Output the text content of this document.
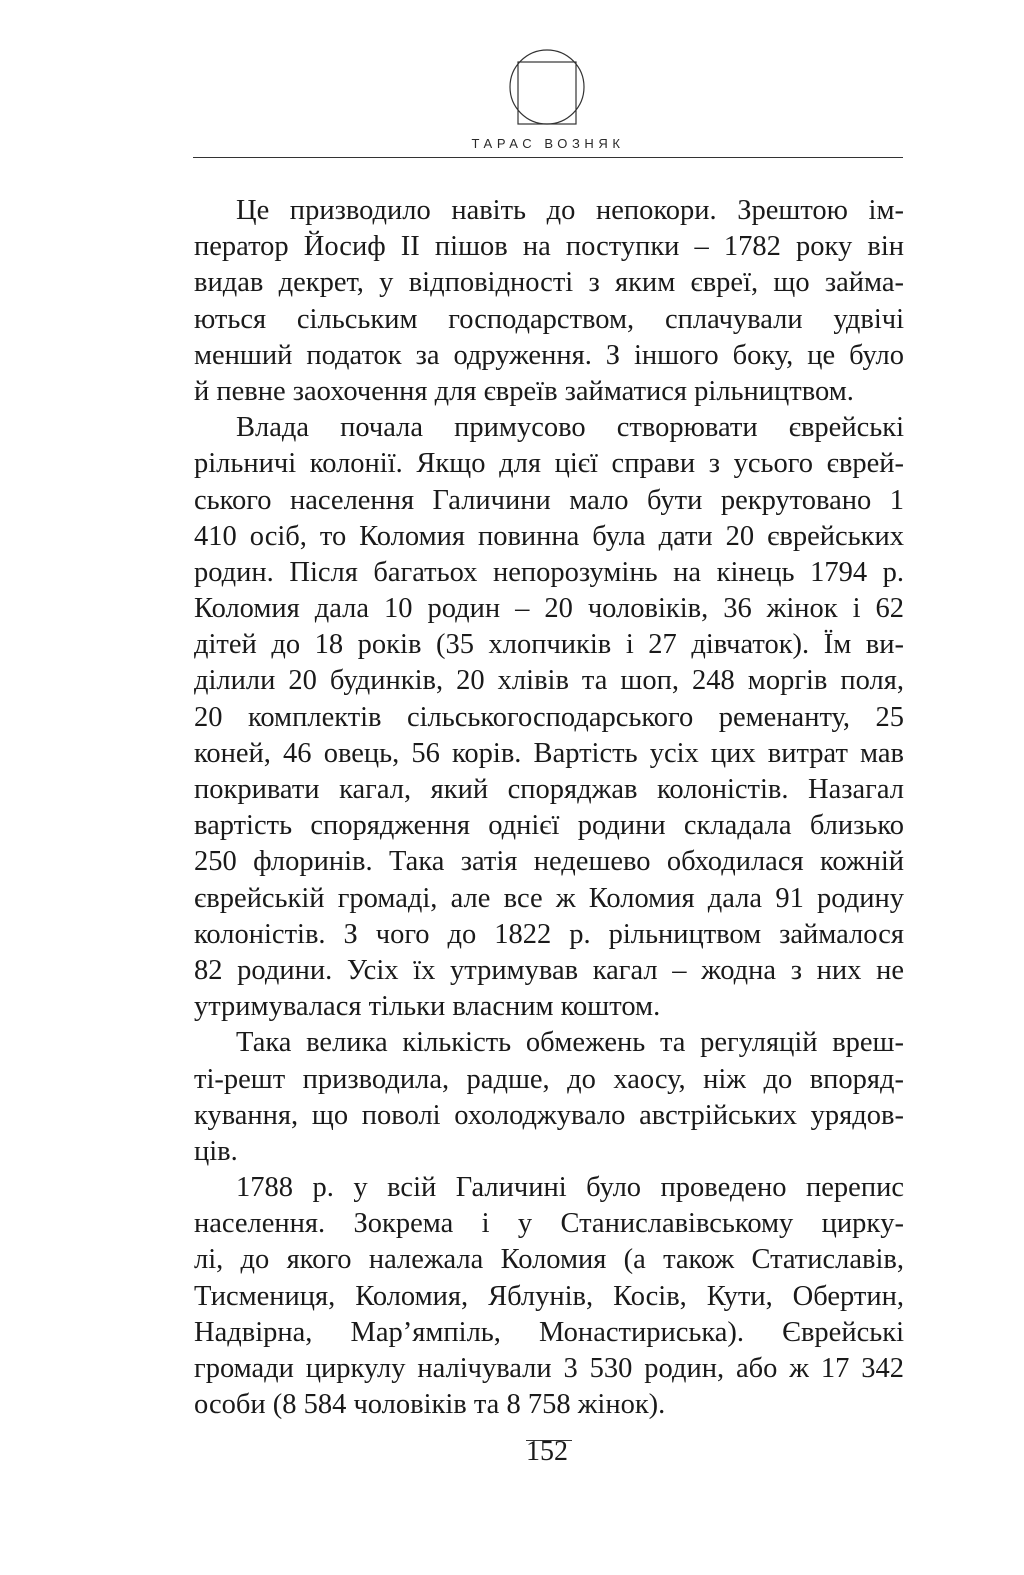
ТАРАС ВОЗНЯК
Це призводило навіть до непокори. Зрештою ім-
ператор Йосиф ІІ пішов на поступки – 1782 року він
видав декрет, у відповідності з яким євреї, що займа-
ються сільським господарством, сплачували удвічі
менший податок за одруження. З іншого боку, це було
й певне заохочення для євреїв займатися рільництвом.
Влада почала примусово створювати єврейські
рільничі колонії. Якщо для цієї справи з усього єврей-
ського населення Галичини мало бути рекрутовано 1
410 осіб, то Коломия повинна була дати 20 єврейських
родин. Після багатьох непорозумінь на кінець 1794 р.
Коломия дала 10 родин – 20 чоловіків, 36 жінок і 62
дітей до 18 років (35 хлопчиків і 27 дівчаток). Їм ви-
ділили 20 будинків, 20 хлівів та шоп, 248 моргів поля,
20 комплектів сільськогосподарського ременанту, 25
коней, 46 овець, 56 корів. Вартість усіх цих витрат мав
покривати кагал, який споряджав колоністів. Назагал
вартість спорядження однієї родини складала близько
250 флоринів. Така затія недешево обходилася кожній
єврейській громаді, але все ж Коломия дала 91 родину
колоністів. З чого до 1822 р. рільництвом займалося
82 родини. Усіх їх утримував кагал – жодна з них не
утримувалася тільки власним коштом.
Така велика кількість обмежень та регуляцій вреш-
ті-решт призводила, радше, до хаосу, ніж до впоряд-
кування, що поволі охолоджувало австрійських урядов-
ців.
1788 р. у всій Галичині було проведено перепис
населення. Зокрема і у Станиславівському циркy-
лі, до якого належала Коломия (а також Статиславів,
Тисмениця, Коломия, Яблунів, Косів, Кути, Обертин,
Надвірна, Мар’ямпіль, Монастириська). Єврейські
громади циркулу налічували 3 530 родин, або ж 17 342
особи (8 584 чоловіків та 8 758 жінок).
152
